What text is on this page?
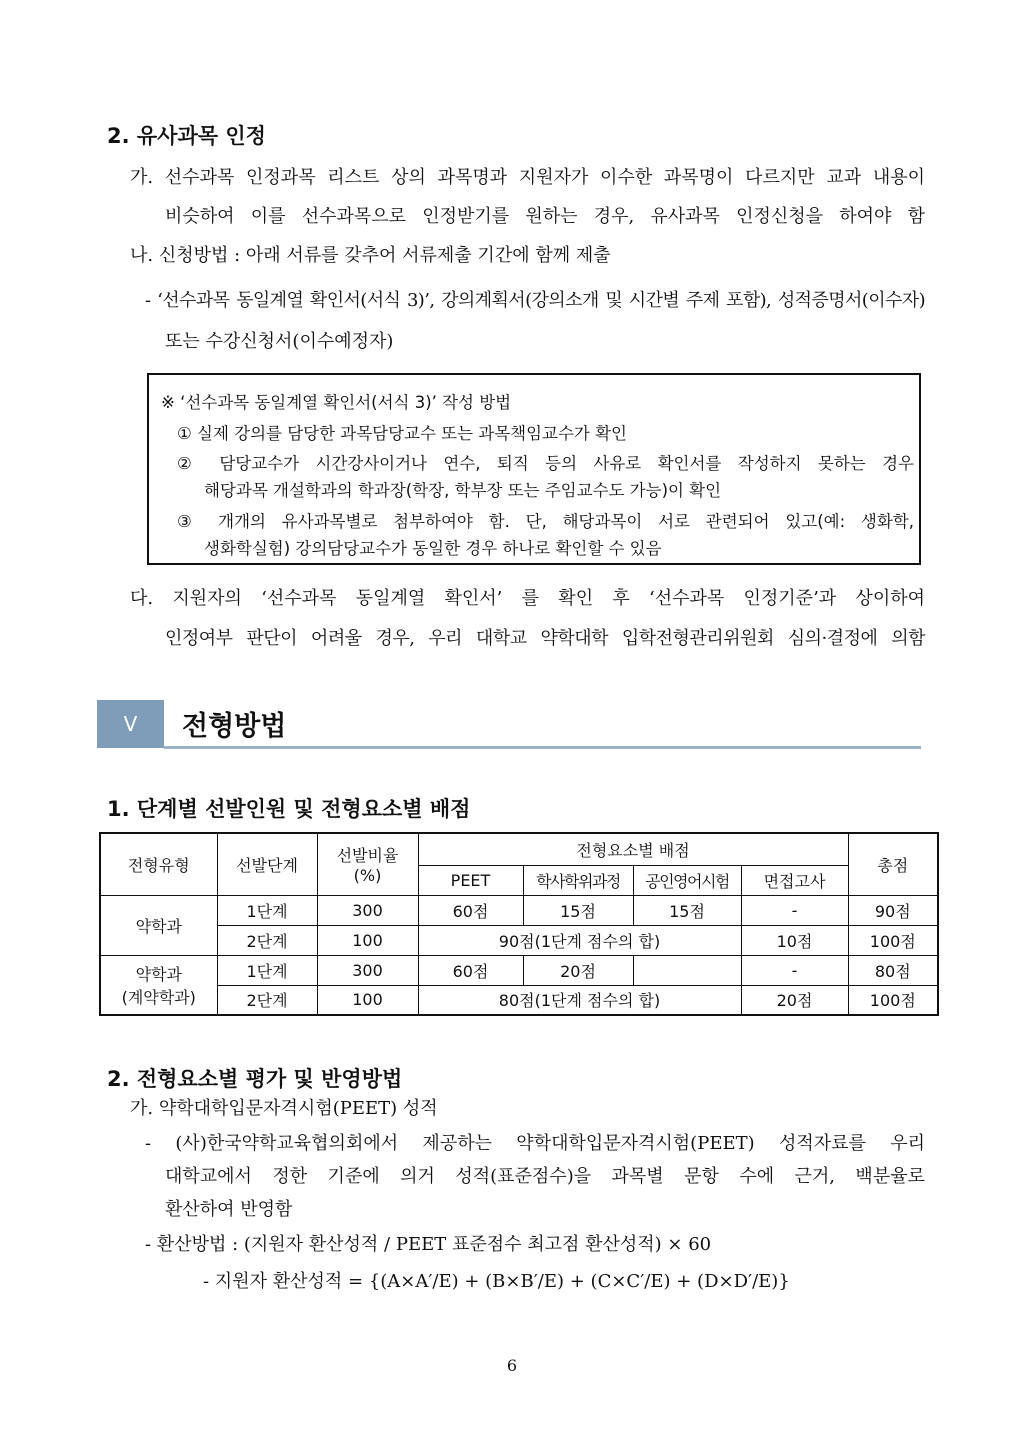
2. 유사과목 인정
가. 선수과목 인정과목 리스트 상의 과목명과 지원자가 이수한 과목명이 다르지만 교과 내용이
비슷하여 이를 선수과목으로 인정받기를 원하는 경우, 유사과목 인정신청을 하여야 함
나. 신청방법 : 아래 서류를 갖추어 서류제출 기간에 함께 제출
- ‘선수과목 동일계열 확인서(서식 3)’, 강의계획서(강의소개 및 시간별 주제 포함), 성적증명서(이수자)
또는 수강신청서(이수예정자)
※ ‘선수과목 동일계열 확인서(서식 3)’ 작성 방법
① 실제 강의를 담당한 과목담당교수 또는 과목책임교수가 확인
② 담당교수가 시간강사이거나 연수, 퇴직 등의 사유로 확인서를 작성하지 못하는 경우
해당과목 개설학과의 학과장(학장, 학부장 또는 주임교수도 가능)이 확인
③ 개개의 유사과목별로 첨부하여야 함. 단, 해당과목이 서로 관련되어 있고(예: 생화학,
생화학실험) 강의담당교수가 동일한 경우 하나로 확인할 수 있음
다. 지원자의 ‘선수과목 동일계열 확인서’ 를 확인 후 ‘선수과목 인정기준’과 상이하여
인정여부 판단이 어려울 경우, 우리 대학교 약학대학 입학전형관리위원회 심의·결정에 의함
Ⅴ	전형방법
1. 단계별 선발인원 및 전형요소별 배점
전형유형	선발단계	선발비율
(%)	전형요소별 배점				총점
			PEET	학사학위과정	공인영어시험	면접고사	
약학과	1단계	300	60점	15점	15점	-	90점
	2단계	100	90점(1단계 점수의 합)			10점	100점

약학과
(계약학과)	1단계	300	60점	20점		-	80점
	2단계	100	80점(1단계 점수의 합)			20점	100점
2. 전형요소별 평가 및 반영방법
가. 약학대학입문자격시험(PEET) 성적
- (사)한국약학교육협의회에서 제공하는 약학대학입문자격시험(PEET) 성적자료를 우리
대학교에서 정한 기준에 의거 성적(표준점수)을 과목별 문항 수에 근거, 백분율로
환산하여 반영함
- 환산방법 : (지원자 환산성적 / PEET 표준점수 최고점 환산성적) × 60
- 지원자 환산성적 = {(A×A′/E) + (B×B′/E) + (C×C′/E) + (D×D′/E)}
6
